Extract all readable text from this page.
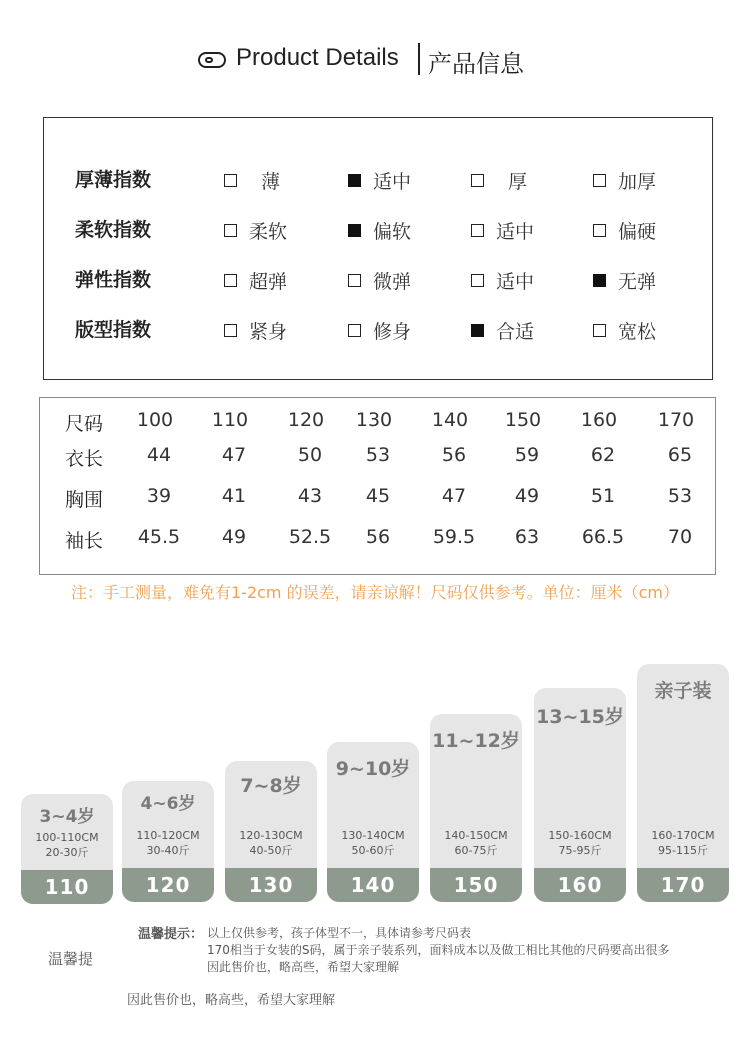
Product Details 产品信息
厚薄指数	薄	适中	厚	加厚
柔软指数	柔软	偏软	适中	偏硬
弹性指数	超弹	微弹	适中	无弹
版型指数	紧身	修身	合适	宽松
尺码 100 110 120 130 140 150 160 170
衣长 44	47	50 53	56	59	62	65
胸围 39	41	43 45	47	49	51	53
袖长 45.5 49 52.5 56 59.5 63 66.5 70
注：手工测量，难免有1-2cm 的误差，请亲谅解！尺码仅供参考。单位：厘米（cm）
3~4岁
100-110CM
20-30斤
110
4~6岁
110-120CM
30-40斤
120
7~8岁
120-130CM
40-50斤
130
9~10岁
130-140CM
50-60斤
140
11~12岁
140-150CM
60-75斤
150
13~15岁
150-160CM
75-95斤
160
亲子装
160-170CM
95-115斤
170
温馨提示： 以上仅供参考，孩子体型不一，具体请参考尺码表
170相当于女装的S码，属于亲子装系列，面料成本以及做工相比其他的尺码要高出很多
因此售价也，略高些，希望大家理解
温馨提
因此售价也，略高些，希望大家理解
